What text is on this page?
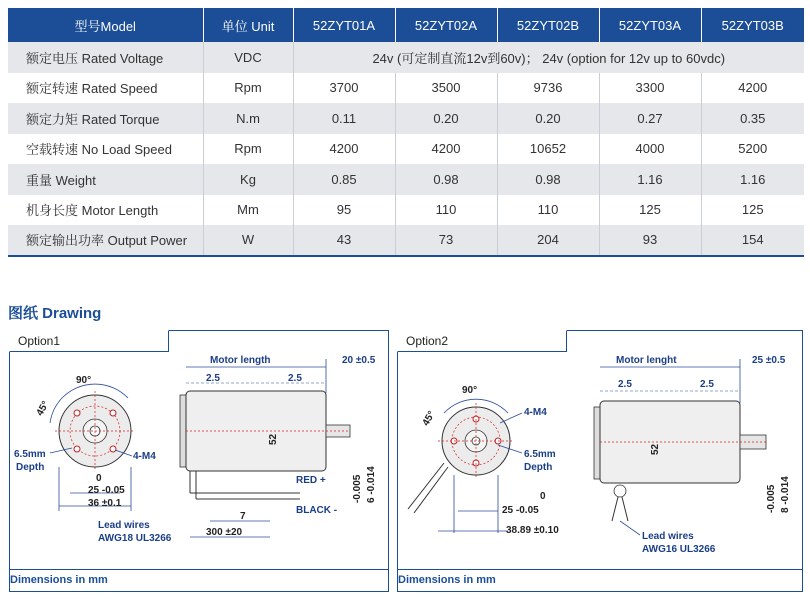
型号Model	单位 Unit	52ZYT01A	52ZYT02A	52ZYT02B	52ZYT03A	52ZYT03B
额定电压 Rated Voltage	VDC	24v (可定制直流12v到60v)； 24v (option for 12v up to 60vdc)				
额定转速 Rated Speed	Rpm	3700	3500	9736	3300	4200
额定力矩 Rated Torque	N.m	0.11	0.20	0.20	0.27	0.35
空载转速 No Load Speed	Rpm	4200	4200	10652	4000	5200
重量 Weight	Kg	0.85	0.98	0.98	1.16	1.16
机身长度 Motor Length	Mm	95	110	110	125	125
额定输出功率 Output Power	W	43	73	204	93	154
图纸 Drawing
Option1
90°
45°
6.5mm
Depth
4-M4
0
25 -0.05
36 ±0.1
Lead wires
AWG18 UL3266
Motor length	20 ±0.5
2.5	2.5
52
-0.005 6 -0.014
RED +
BLACK -
7
300 ±20
Dimensions in mm
Option2
90°
45°	4-M4
6.5mm
Depth
0
25 -0.05
38.89 ±0.10
Motor lenght	25 ±0.5
2.5	2.5
52
-0.005 8 -0.014
Lead wires
AWG16 UL3266
Dimensions in mm
